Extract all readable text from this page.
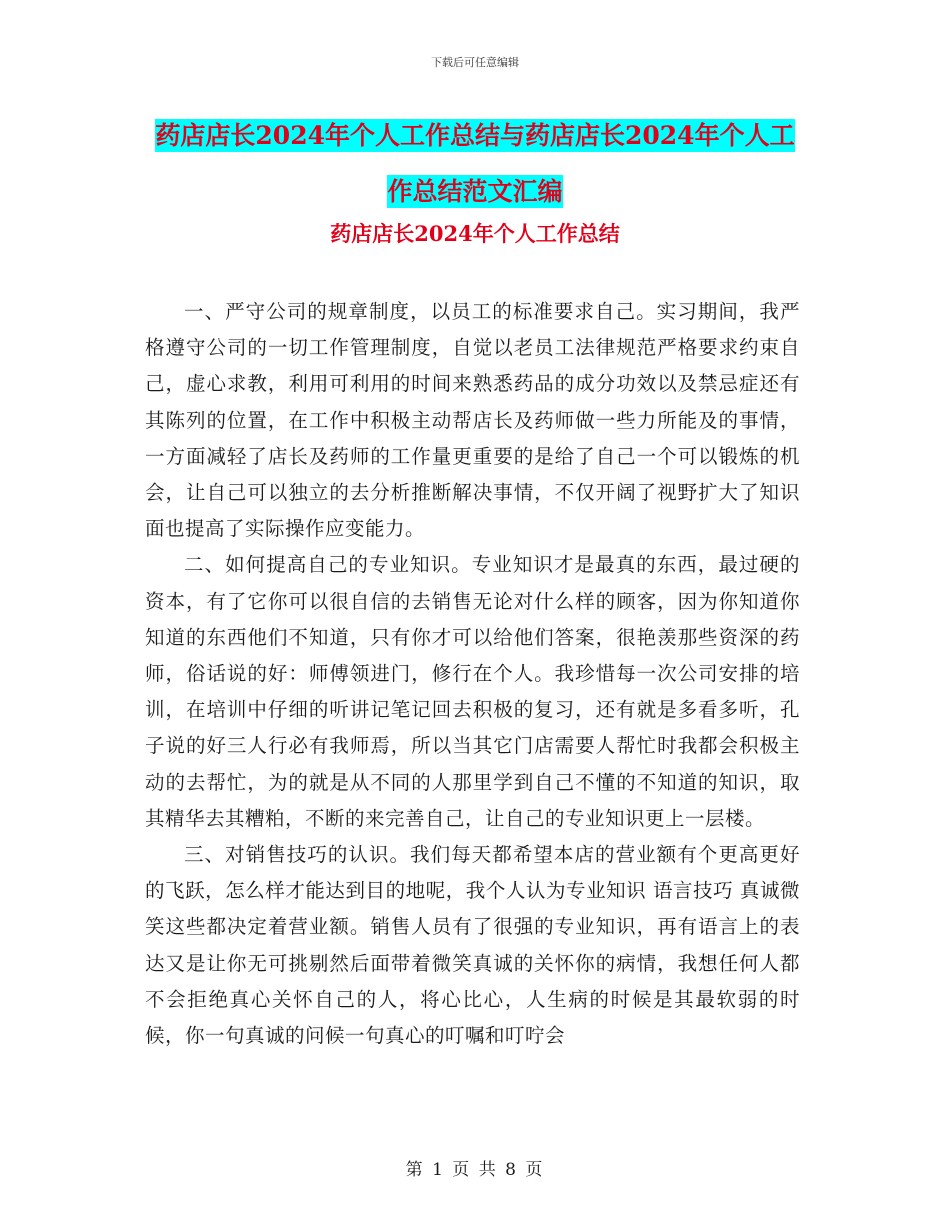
下载后可任意编辑
药店店长2024年个人工作总结与药店店长2024年个人工作总结范文汇编
药店店长2024年个人工作总结

一、严守公司的规章制度，以员工的标准要求自己。实习期间，我严格遵守公司的一切工作管理制度，自觉以老员工法律规范严格要求约束自己，虚心求教，利用可利用的时间来熟悉药品的成分功效以及禁忌症还有其陈列的位置，在工作中积极主动帮店长及药师做一些力所能及的事情，一方面减轻了店长及药师的工作量更重要的是给了自己一个可以锻炼的机会，让自己可以独立的去分析推断解决事情，不仅开阔了视野扩大了知识面也提高了实际操作应变能力。

二、如何提高自己的专业知识。专业知识才是最真的东西，最过硬的资本，有了它你可以很自信的去销售无论对什么样的顾客，因为你知道你知道的东西他们不知道，只有你才可以给他们答案，很艳羡那些资深的药师，俗话说的好：师傅领进门，修行在个人。我珍惜每一次公司安排的培训，在培训中仔细的听讲记笔记回去积极的复习，还有就是多看多听，孔子说的好三人行必有我师焉，所以当其它门店需要人帮忙时我都会积极主动的去帮忙，为的就是从不同的人那里学到自己不懂的不知道的知识，取其精华去其糟粕，不断的来完善自己，让自己的专业知识更上一层楼。

三、对销售技巧的认识。我们每天都希望本店的营业额有个更高更好的飞跃，怎么样才能达到目的地呢，我个人认为专业知识 语言技巧 真诚微笑这些都决定着营业额。销售人员有了很强的专业知识，再有语言上的表达又是让你无可挑剔然后面带着微笑真诚的关怀你的病情，我想任何人都不会拒绝真心关怀自己的人，将心比心，人生病的时候是其最软弱的时候，你一句真诚的问候一句真心的叮嘱和叮咛会

第 1 页 共 8 页
